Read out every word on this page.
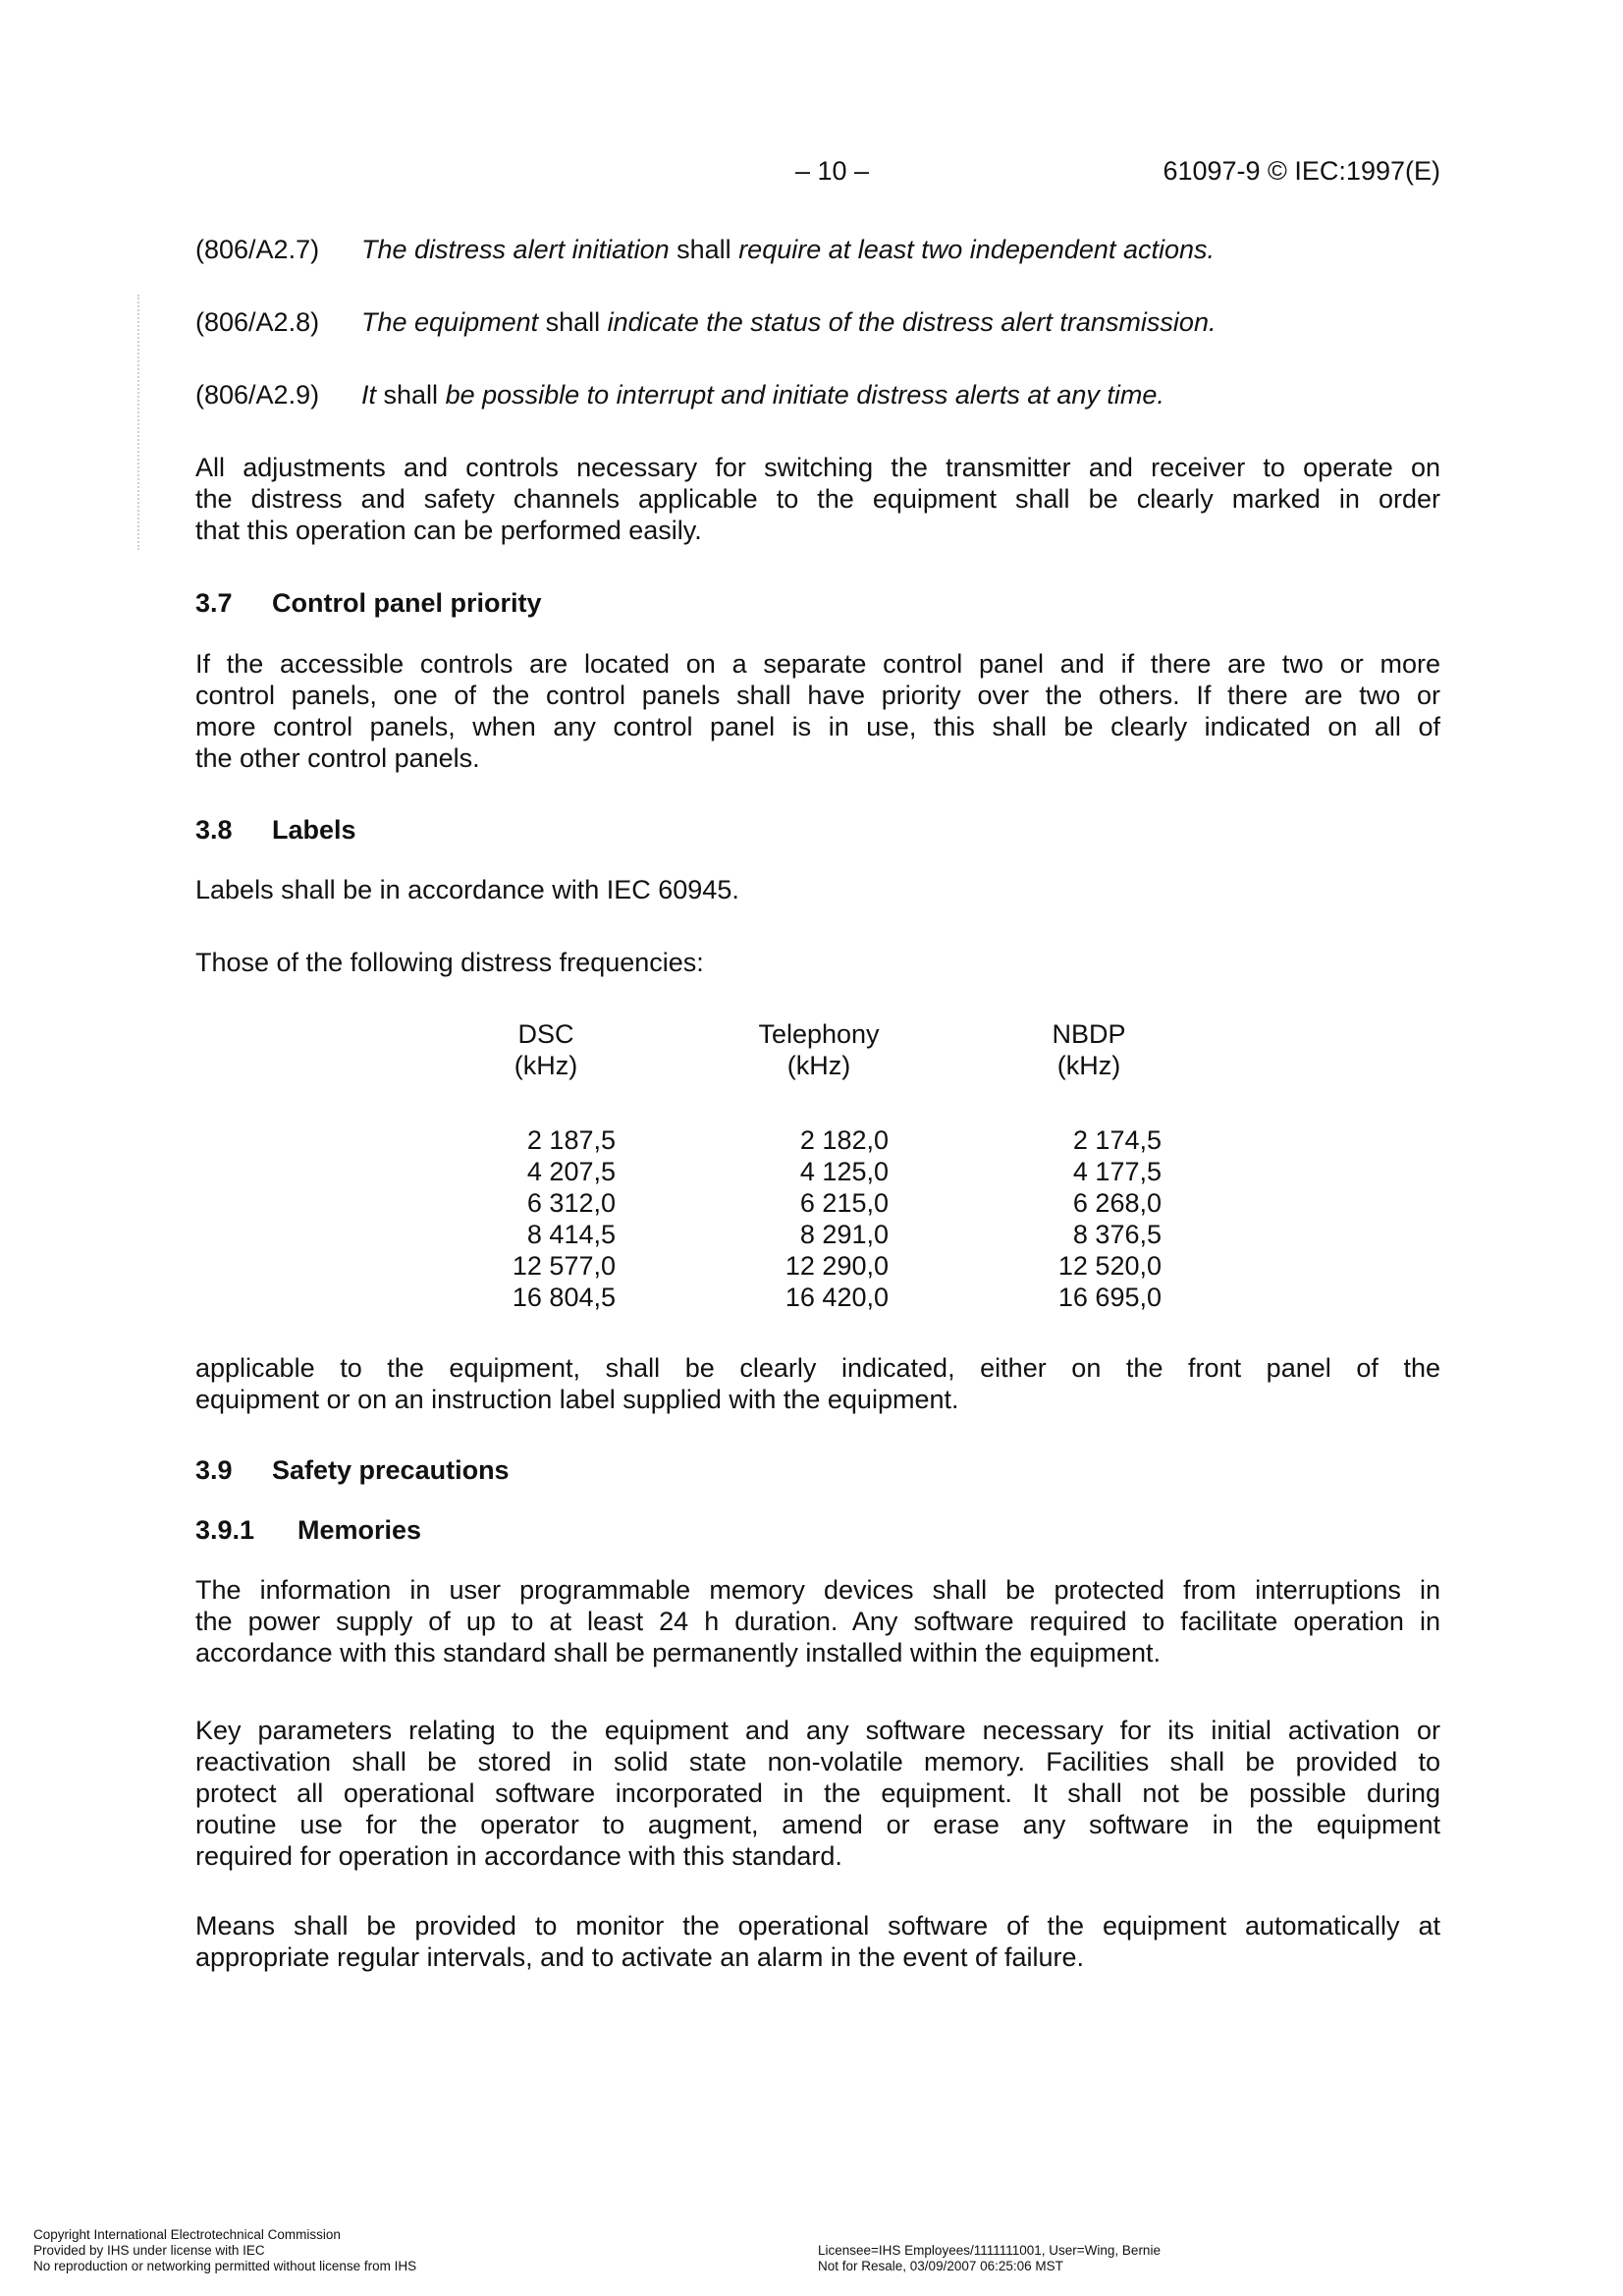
– 10 –	61097-9 © IEC:1997(E)
(806/A2.7) The distress alert initiation shall require at least two independent actions.
(806/A2.8) The equipment shall indicate the status of the distress alert transmission.
(806/A2.9) It shall be possible to interrupt and initiate distress alerts at any time.
All adjustments and controls necessary for switching the transmitter and receiver to operate on
the distress and safety channels applicable to the equipment shall be clearly marked in order
that this operation can be performed easily.
3.7 Control panel priority
If the accessible controls are located on a separate control panel and if there are two or more
control panels, one of the control panels shall have priority over the others. If there are two or
more control panels, when any control panel is in use, this shall be clearly indicated on all of
the other control panels.
3.8 Labels
Labels shall be in accordance with IEC 60945.
Those of the following distress frequencies:
DSC
(kHz)
2 187,5
4 207,5
6 312,0
8 414,5
12 577,0
16 804,5
Telephony
(kHz)
2 182,0
4 125,0
6 215,0
8 291,0
12 290,0
16 420,0
NBDP
(kHz)
2 174,5
4 177,5
6 268,0
8 376,5
12 520,0
16 695,0
applicable to the equipment, shall be clearly indicated, either on the front panel of the
equipment or on an instruction label supplied with the equipment.
3.9 Safety precautions
3.9.1 Memories
The information in user programmable memory devices shall be protected from interruptions in
the power supply of up to at least 24 h duration. Any software required to facilitate operation in
accordance with this standard shall be permanently installed within the equipment.
Key parameters relating to the equipment and any software necessary for its initial activation or
reactivation shall be stored in solid state non-volatile memory. Facilities shall be provided to
protect all operational software incorporated in the equipment. It shall not be possible during
routine use for the operator to augment, amend or erase any software in the equipment
required for operation in accordance with this standard.
Means shall be provided to monitor the operational software of the equipment automatically at
appropriate regular intervals, and to activate an alarm in the event of failure.
Copyright International Electrotechnical Commission
Provided by IHS under license with IEC
No reproduction or networking permitted without license from IHS
Licensee=IHS Employees/1111111001, User=Wing, Bernie
Not for Resale, 03/09/2007 06:25:06 MST
